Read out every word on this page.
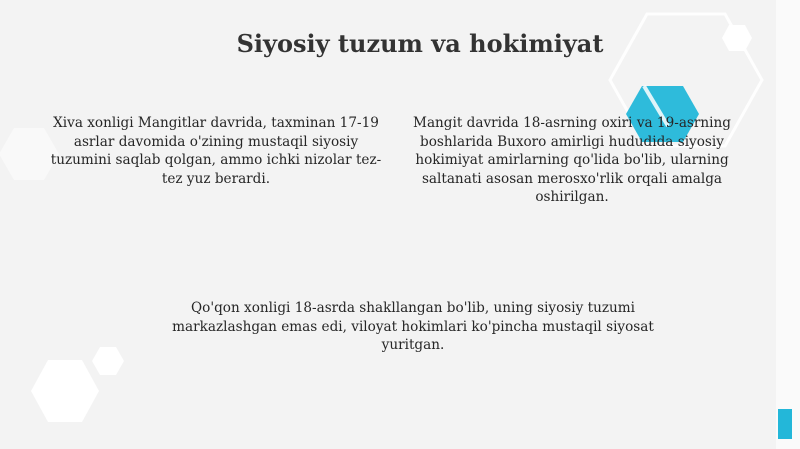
Siyosiy tuzum va hokimiyat

Xiva xonligi Mangitlar davrida, taxminan 17-19 asrlar davomida o'zining mustaqil siyosiy tuzumini saqlab qolgan, ammo ichki nizolar tez-tez yuz berardi.

Mangit davrida 18-asrning oxiri va 19-asrning boshlarida Buxoro amirligi hududida siyosiy hokimiyat amirlarning qo'lida bo'lib, ularning saltanati asosan merosxo'rlik orqali amalga oshirilgan.

Qo'qon xonligi 18-asrda shakllangan bo'lib, uning siyosiy tuzumi markazlashgan emas edi, viloyat hokimlari ko'pincha mustaqil siyosat yuritgan.
